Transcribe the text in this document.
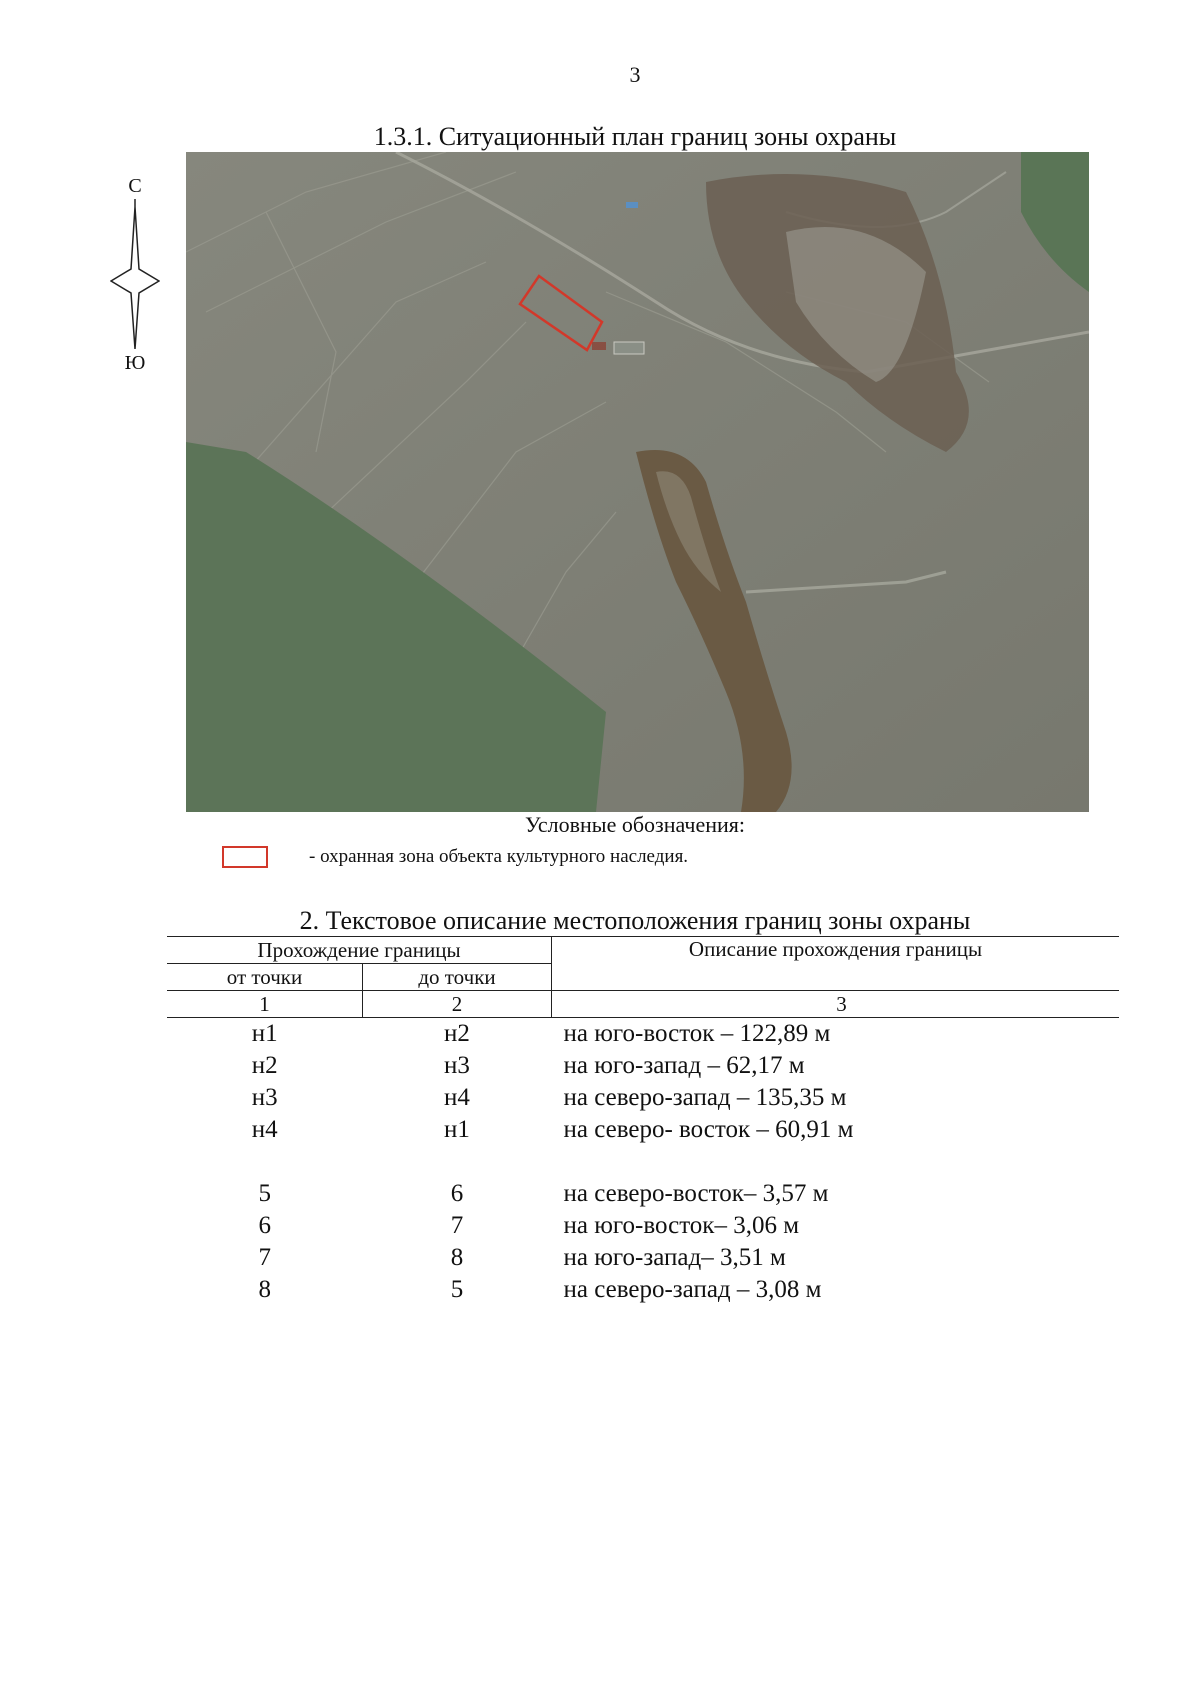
3
1.3.1. Ситуационный план границ зоны охраны
С
Ю
Условные обозначения:
- охранная зона объекта культурного наследия.
2. Текстовое описание местоположения границ зоны охраны
Прохождение границы		Описание прохождения границы
от точки	до точки	
1	2	3
н1	н2	на юго-восток – 122,89 м
н2	н3	на юго-запад – 62,17 м
н3	н4	на северо-запад – 135,35 м
н4	н1	на северо- восток – 60,91 м

5	6	на северо-восток– 3,57 м
6	7	на юго-восток– 3,06 м
7	8	на юго-запад– 3,51 м
8	5	на северо-запад – 3,08 м
